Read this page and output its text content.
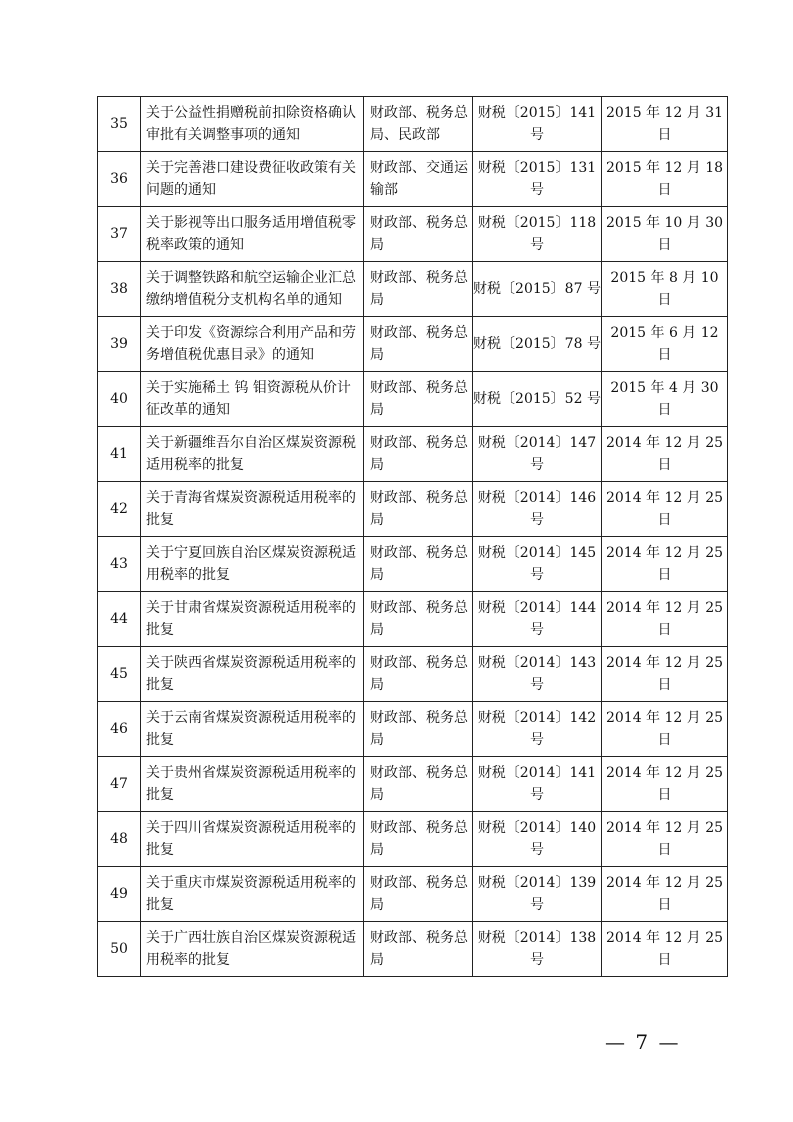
35	关于公益性捐赠税前扣除资格确认审批有关调整事项的通知	财政部、税务总局、民政部	财税〔2015〕141 号	2015 年 12 月 31 日
36	关于完善港口建设费征收政策有关问题的通知	财政部、交通运输部	财税〔2015〕131 号	2015 年 12 月 18 日
37	关于影视等出口服务适用增值税零税率政策的通知	财政部、税务总局	财税〔2015〕118 号	2015 年 10 月 30 日
38	关于调整铁路和航空运输企业汇总缴纳增值税分支机构名单的通知	财政部、税务总局	财税〔2015〕87 号	2015 年 8 月 10 日
39	关于印发《资源综合利用产品和劳务增值税优惠目录》的通知	财政部、税务总局	财税〔2015〕78 号	2015 年 6 月 12 日
40	关于实施稀土 钨 钼资源税从价计征改革的通知	财政部、税务总局	财税〔2015〕52 号	2015 年 4 月 30 日
41	关于新疆维吾尔自治区煤炭资源税适用税率的批复	财政部、税务总局	财税〔2014〕147 号	2014 年 12 月 25 日
42	关于青海省煤炭资源税适用税率的批复	财政部、税务总局	财税〔2014〕146 号	2014 年 12 月 25 日
43	关于宁夏回族自治区煤炭资源税适用税率的批复	财政部、税务总局	财税〔2014〕145 号	2014 年 12 月 25 日
44	关于甘肃省煤炭资源税适用税率的批复	财政部、税务总局	财税〔2014〕144 号	2014 年 12 月 25 日
45	关于陕西省煤炭资源税适用税率的批复	财政部、税务总局	财税〔2014〕143 号	2014 年 12 月 25 日
46	关于云南省煤炭资源税适用税率的批复	财政部、税务总局	财税〔2014〕142 号	2014 年 12 月 25 日
47	关于贵州省煤炭资源税适用税率的批复	财政部、税务总局	财税〔2014〕141 号	2014 年 12 月 25 日
48	关于四川省煤炭资源税适用税率的批复	财政部、税务总局	财税〔2014〕140 号	2014 年 12 月 25 日
49	关于重庆市煤炭资源税适用税率的批复	财政部、税务总局	财税〔2014〕139 号	2014 年 12 月 25 日
50	关于广西壮族自治区煤炭资源税适用税率的批复	财政部、税务总局	财税〔2014〕138 号	2014 年 12 月 25 日
— 7 —
